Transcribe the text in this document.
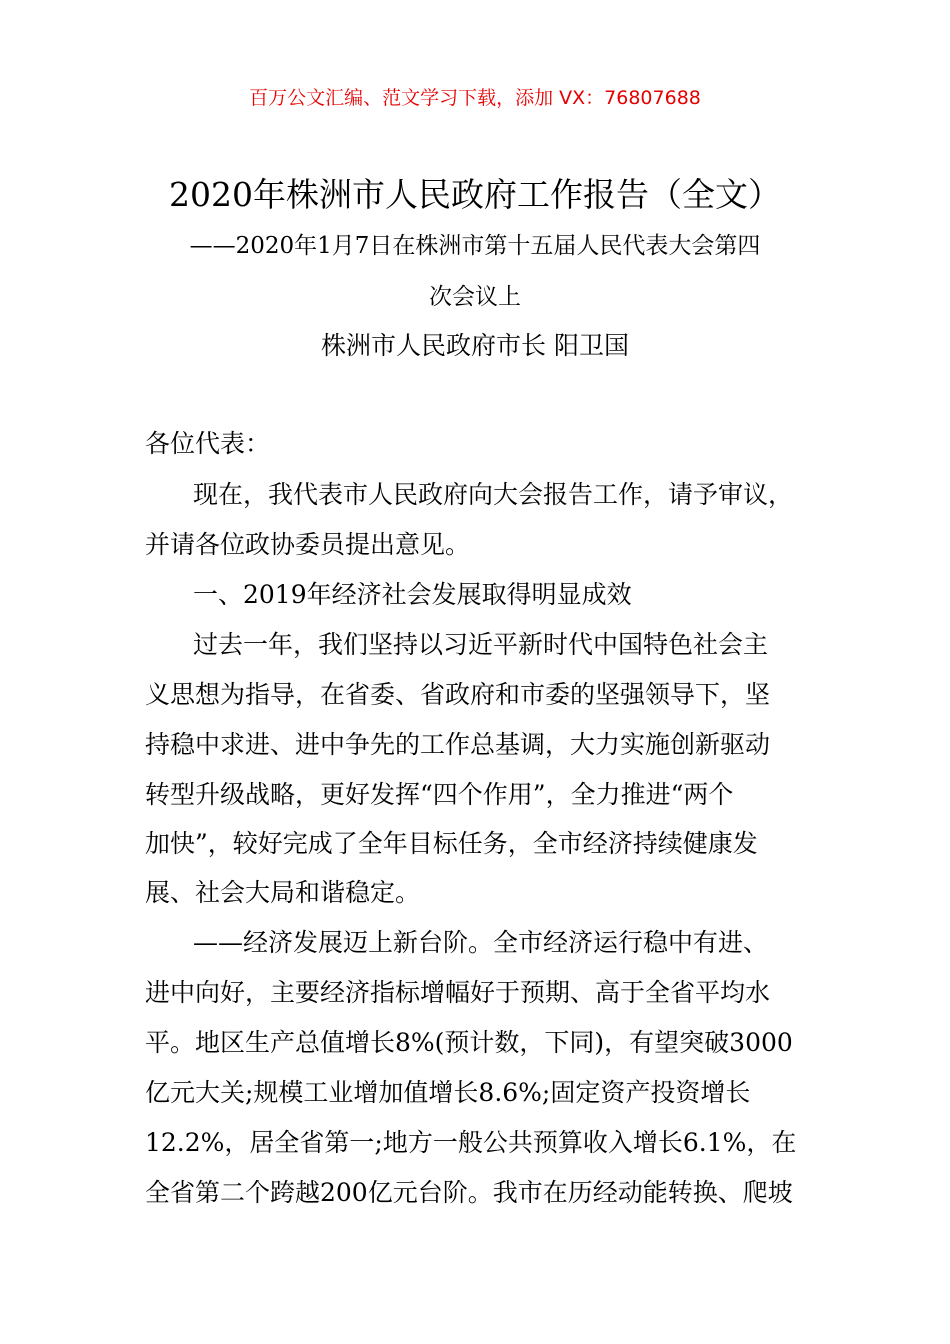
百万公文汇编、范文学习下载，添加 VX：76807688
2020年株洲市人民政府工作报告（全文）
——2020年1月7日在株洲市第十五届人民代表大会第四
次会议上
株洲市人民政府市长 阳卫国
各位代表：
现在，我代表市人民政府向大会报告工作，请予审议，
并请各位政协委员提出意见。
一、2019年经济社会发展取得明显成效
过去一年，我们坚持以习近平新时代中国特色社会主
义思想为指导，在省委、省政府和市委的坚强领导下，坚
持稳中求进、进中争先的工作总基调，大力实施创新驱动
转型升级战略，更好发挥“四个作用”，全力推进“两个
加快”，较好完成了全年目标任务，全市经济持续健康发
展、社会大局和谐稳定。
——经济发展迈上新台阶。全市经济运行稳中有进、
进中向好，主要经济指标增幅好于预期、高于全省平均水
平。地区生产总值增长8%(预计数，下同)，有望突破3000
亿元大关;规模工业增加值增长8.6%;固定资产投资增长
12.2%，居全省第一;地方一般公共预算收入增长6.1%，在
全省第二个跨越200亿元台阶。我市在历经动能转换、爬坡
